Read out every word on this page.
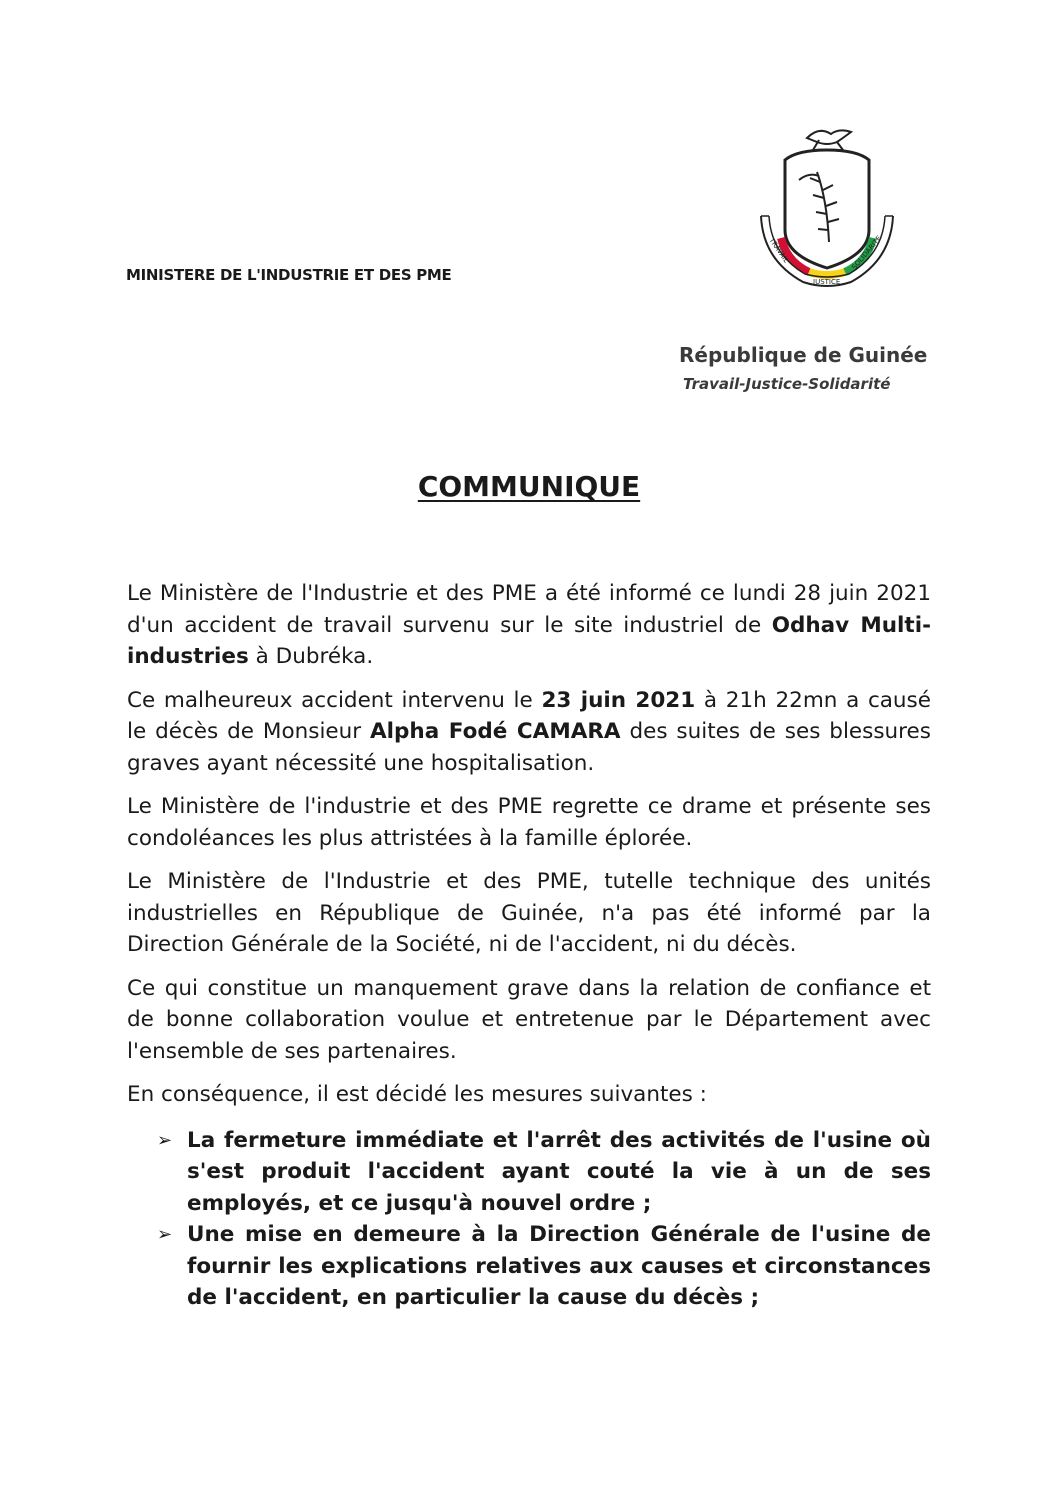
MINISTERE DE L'INDUSTRIE ET DES PME
TRAVAIL
JUSTICE
SOLIDARITE
République de Guinée
Travail-Justice-Solidarité
COMMUNIQUE

Le Ministère de l'Industrie et des PME a été informé ce lundi 28 juin 2021 d'un accident de travail survenu sur le site industriel de Odhav Multi-industries à Dubréka.

Ce malheureux accident intervenu le 23 juin 2021 à 21h 22mn a causé le décès de Monsieur Alpha Fodé CAMARA des suites de ses blessures graves ayant nécessité une hospitalisation.

Le Ministère de l'industrie et des PME regrette ce drame et présente ses condoléances les plus attristées à la famille éplorée.

Le Ministère de l'Industrie et des PME, tutelle technique des unités industrielles en République de Guinée, n'a pas été informé par la Direction Générale de la Société, ni de l'accident, ni du décès.

Ce qui constitue un manquement grave dans la relation de confiance et de bonne collaboration voulue et entretenue par le Département avec l'ensemble de ses partenaires.

En conséquence, il est décidé les mesures suivantes :

➢ La fermeture immédiate et l'arrêt des activités de l'usine où s'est produit l'accident ayant couté la vie à un de ses employés, et ce jusqu'à nouvel ordre ;
➢ Une mise en demeure à la Direction Générale de l'usine de fournir les explications relatives aux causes et circonstances de l'accident, en particulier la cause du décès ;
